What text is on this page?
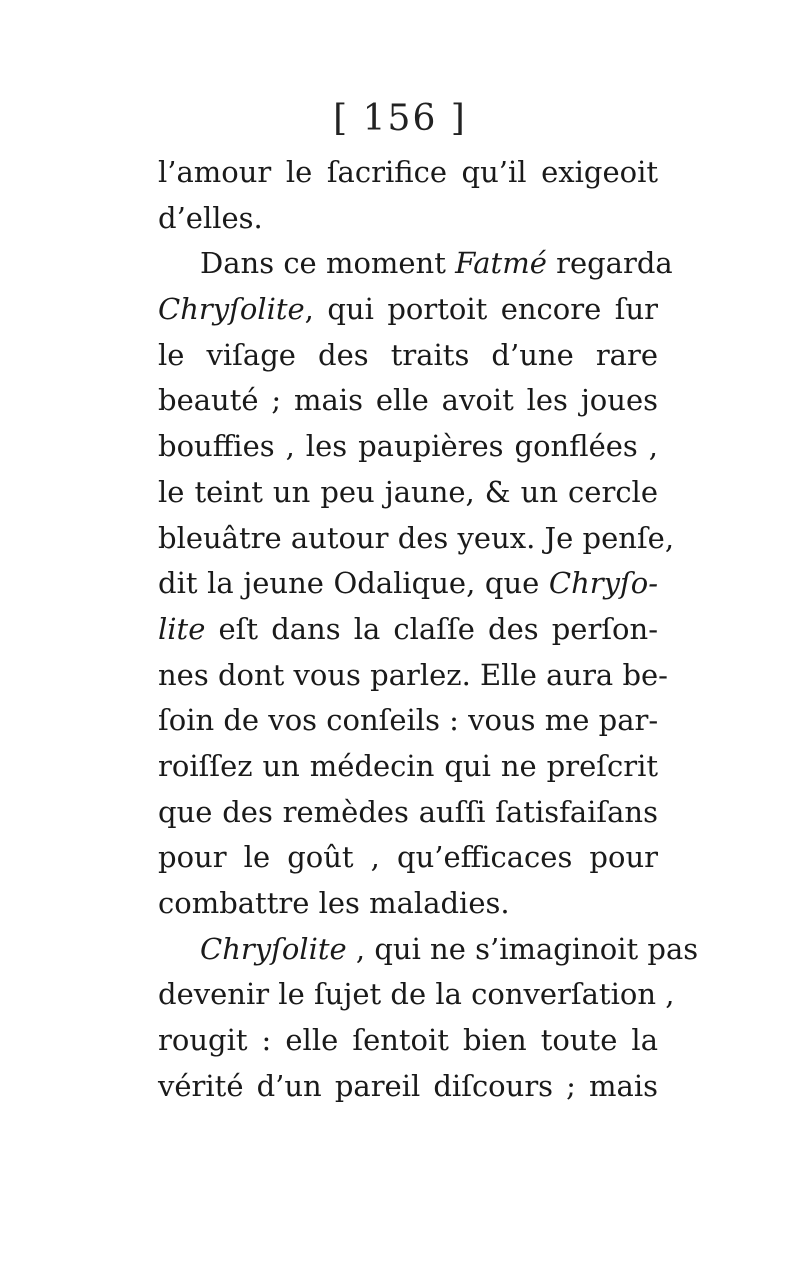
[ 156 ]
l’amour le ſacrifice qu’il exigeoit
d’elles.
Dans ce moment Fatmé regarda
Chryſolite, qui portoit encore ſur
le viſage des traits d’une rare
beauté ; mais elle avoit les joues
bouffies , les paupières gonflées ,
le teint un peu jaune, & un cercle
bleuâtre autour des yeux. Je penſe,
dit la jeune Odalique, que Chryſo-
lite eſt dans la claſſe des perſon-
nes dont vous parlez. Elle aura be-
ſoin de vos conſeils : vous me par-
roiſſez un médecin qui ne preſcrit
que des remèdes auſſi ſatisfaiſans
pour le goût , qu’efficaces pour
combattre les maladies.
Chryſolite , qui ne s’imaginoit pas
devenir le ſujet de la converſation ,
rougit : elle ſentoit bien toute la
vérité d’un pareil diſcours ; mais
